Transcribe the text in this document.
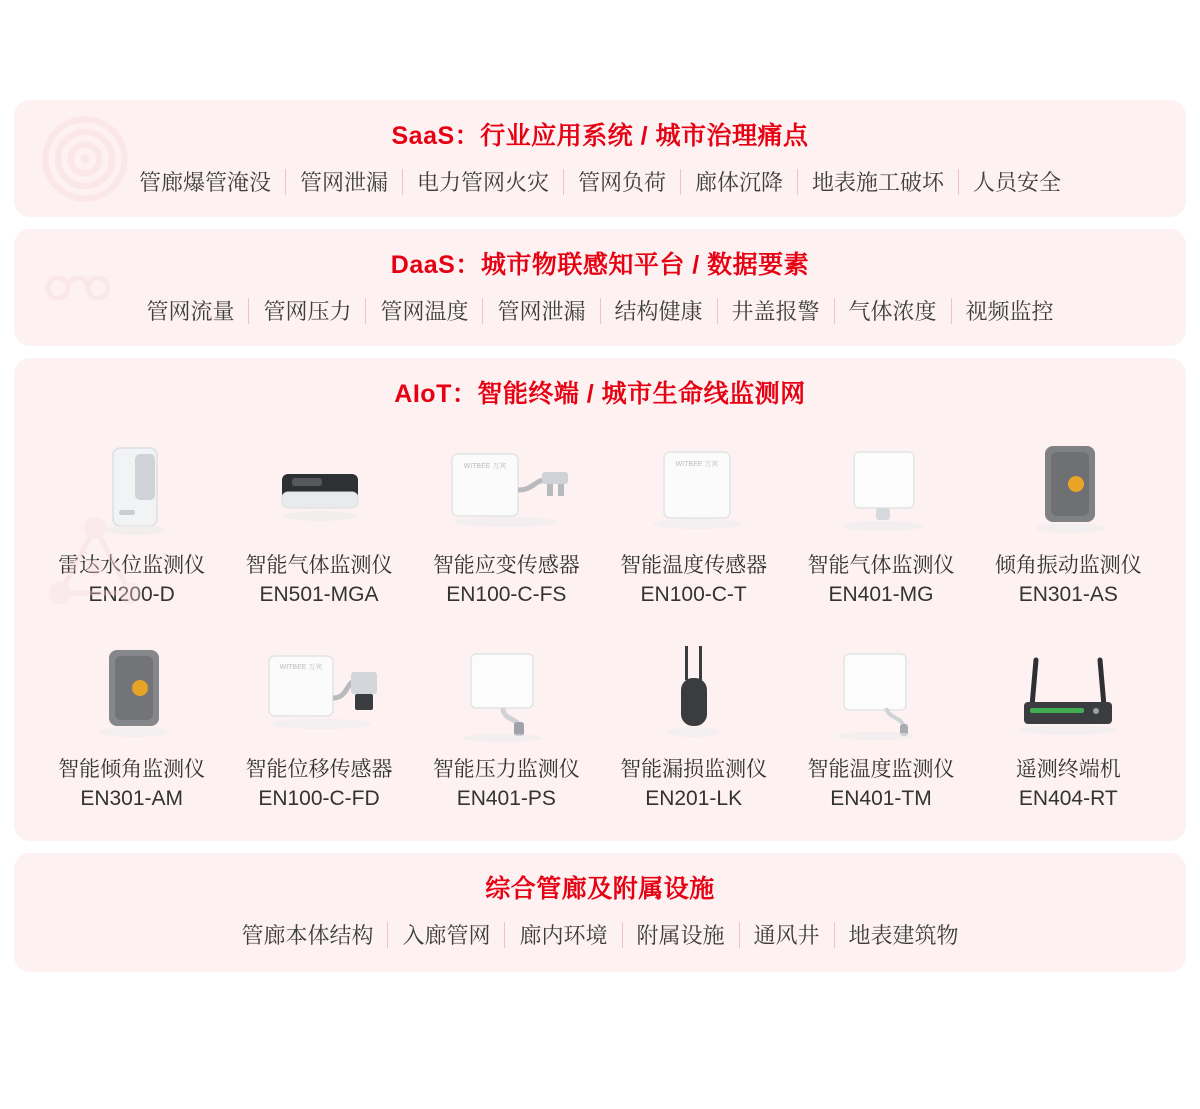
SaaS：行业应用系统 / 城市治理痛点
管廊爆管淹没	管网泄漏	电力管网火灾	管网负荷	廊体沉降	地表施工破坏	人员安全
DaaS：城市物联感知平台 / 数据要素
管网流量	管网压力	管网温度	管网泄漏	结构健康	井盖报警	气体浓度	视频监控
AIoT：智能终端 / 城市生命线监测网
雷达水位监测仪
EN200-D
智能气体监测仪
EN501-MGA
WITBEE 万宾
智能应变传感器
EN100-C-FS
WITBEE 万宾
智能温度传感器
EN100-C-T
智能气体监测仪
EN401-MG
倾角振动监测仪
EN301-AS
智能倾角监测仪
EN301-AM
WITBEE 万宾
智能位移传感器
EN100-C-FD
智能压力监测仪
EN401-PS
智能漏损监测仪
EN201-LK
智能温度监测仪
EN401-TM
遥测终端机
EN404-RT
综合管廊及附属设施
管廊本体结构	入廊管网	廊内环境	附属设施	通风井	地表建筑物
